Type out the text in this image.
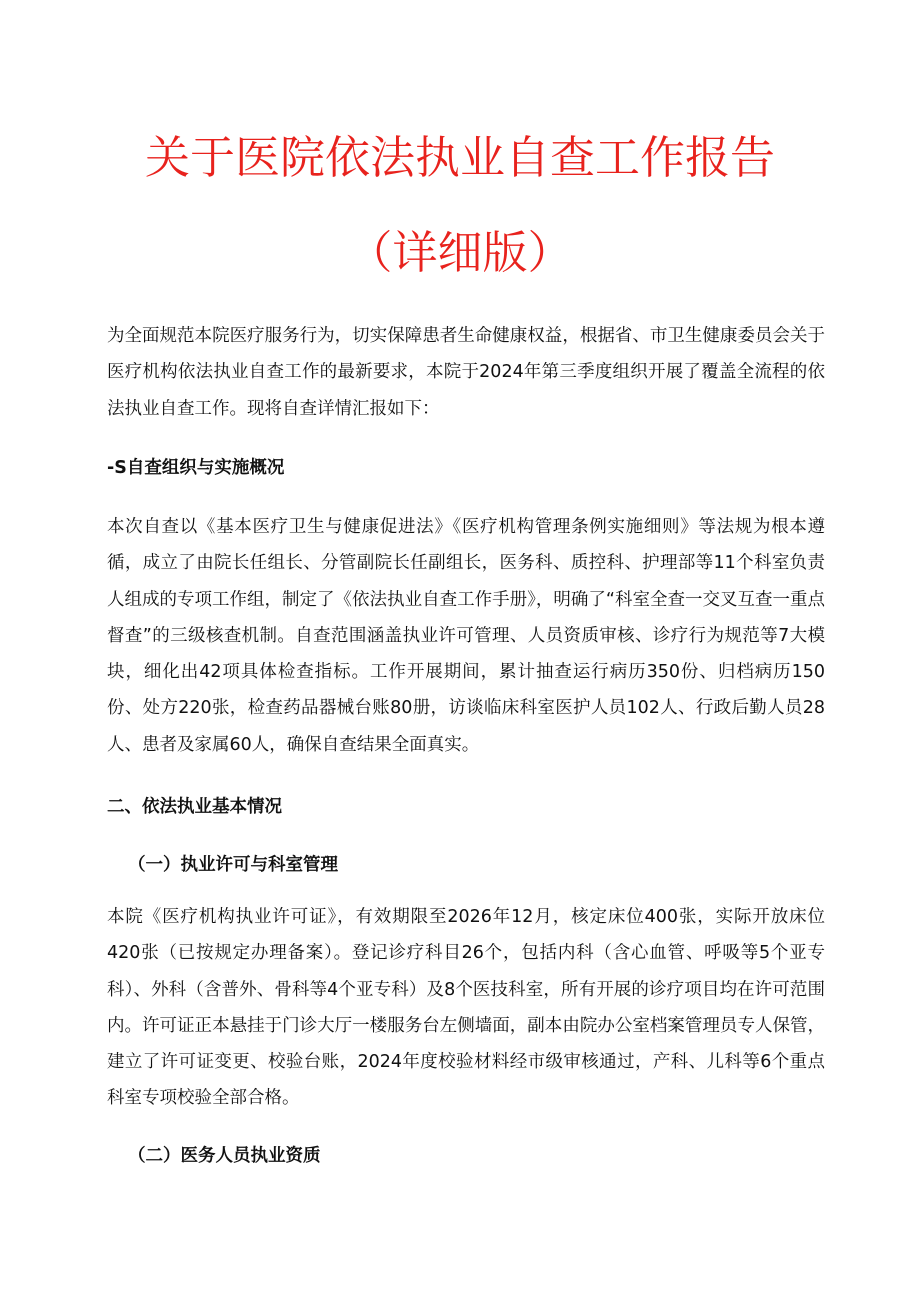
关于医院依法执业自查工作报告
（详细版）

为全面规范本院医疗服务行为，切实保障患者生命健康权益，根据省、市卫生健康委员会关于医疗机构依法执业自查工作的最新要求，本院于2024年第三季度组织开展了覆盖全流程的依法执业自查工作。现将自查详情汇报如下：

-S自查组织与实施概况

本次自查以《基本医疗卫生与健康促进法》《医疗机构管理条例实施细则》等法规为根本遵循，成立了由院长任组长、分管副院长任副组长，医务科、质控科、护理部等11个科室负责人组成的专项工作组，制定了《依法执业自查工作手册》，明确了“科室全查一交叉互查一重点督查”的三级核查机制。自查范围涵盖执业许可管理、人员资质审核、诊疗行为规范等7大模块，细化出42项具体检查指标。工作开展期间，累计抽查运行病历350份、归档病历150份、处方220张，检查药品器械台账80册，访谈临床科室医护人员102人、行政后勤人员28人、患者及家属60人，确保自查结果全面真实。

二、依法执业基本情况
（一）执业许可与科室管理

本院《医疗机构执业许可证》，有效期限至2026年12月，核定床位400张，实际开放床位420张（已按规定办理备案）。登记诊疗科目26个，包括内科（含心血管、呼吸等5个亚专科）、外科（含普外、骨科等4个亚专科）及8个医技科室，所有开展的诊疗项目均在许可范围内。许可证正本悬挂于门诊大厅一楼服务台左侧墙面，副本由院办公室档案管理员专人保管，建立了许可证变更、校验台账，2024年度校验材料经市级审核通过，产科、儿科等6个重点科室专项校验全部合格。

（二）医务人员执业资质
